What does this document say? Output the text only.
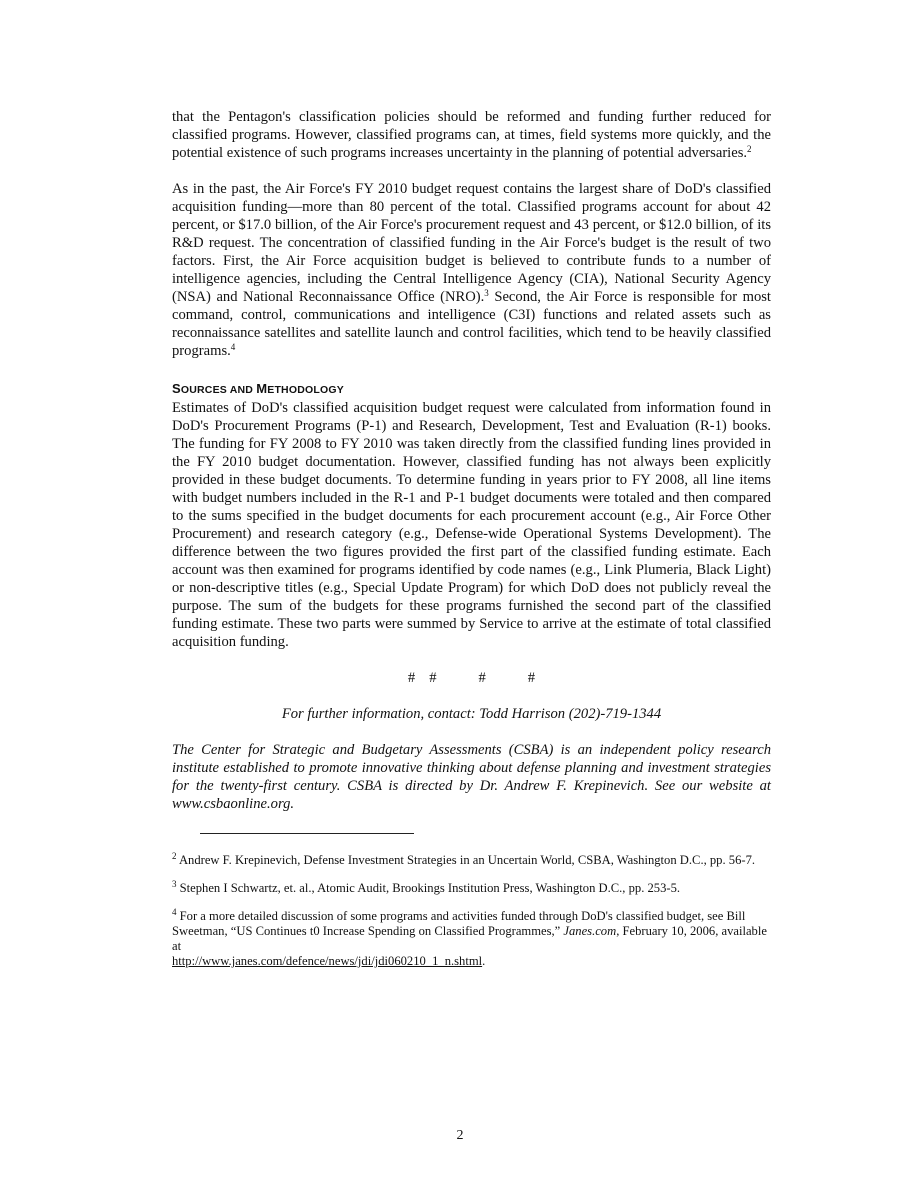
that the Pentagon's classification policies should be reformed and funding further reduced for classified programs. However, classified programs can, at times, field systems more quickly, and the potential existence of such programs increases uncertainty in the planning of potential adversaries.$^2$

As in the past, the Air Force's FY 2010 budget request contains the largest share of DoD's classified acquisition funding—more than 80 percent of the total. Classified programs account for about 42 percent, or $17.0 billion, of the Air Force's procurement request and 43 percent, or $12.0 billion, of its R&D request. The concentration of classified funding in the Air Force's budget is the result of two factors. First, the Air Force acquisition budget is believed to contribute funds to a number of intelligence agencies, including the Central Intelligence Agency (CIA), National Security Agency (NSA) and National Reconnaissance Office (NRO).$^3$ Second, the Air Force is responsible for most command, control, communications and intelligence (C3I) functions and related assets such as reconnaissance satellites and satellite launch and control facilities, which tend to be heavily classified programs.$^4$

SOURCES AND METHODOLOGY

Estimates of DoD's classified acquisition budget request were calculated from information found in DoD's Procurement Programs (P-1) and Research, Development, Test and Evaluation (R-1) books. The funding for FY 2008 to FY 2010 was taken directly from the classified funding lines provided in the FY 2010 budget documentation. However, classified funding has not always been explicitly provided in these budget documents. To determine funding in years prior to FY 2008, all line items with budget numbers included in the R-1 and P-1 budget documents were totaled and then compared to the sums specified in the budget documents for each procurement account (e.g., Air Force Other Procurement) and research category (e.g., Defense-wide Operational Systems Development). The difference between the two figures provided the first part of the classified funding estimate. Each account was then examined for programs identified by code names (e.g., Link Plumeria, Black Light) or non-descriptive titles (e.g., Special Update Program) for which DoD does not publicly reveal the purpose. The sum of the budgets for these programs furnished the second part of the classified funding estimate. These two parts were summed by Service to arrive at the estimate of total classified acquisition funding.

# #	#	#
For further information, contact: Todd Harrison (202)-719-1344

The Center for Strategic and Budgetary Assessments (CSBA) is an independent policy research institute established to promote innovative thinking about defense planning and investment strategies for the twenty-first century. CSBA is directed by Dr. Andrew F. Krepinevich. See our website at www.csbaonline.org.

$^2$ Andrew F. Krepinevich, Defense Investment Strategies in an Uncertain World, CSBA, Washington D.C., pp. 56-7.

$^3$ Stephen I Schwartz, et. al., Atomic Audit, Brookings Institution Press, Washington D.C., pp. 253-5.

$^4$ For a more detailed discussion of some programs and activities funded through DoD's classified budget, see Bill Sweetman, “US Continues t0 Increase Spending on Classified Programmes,” Janes.com, February 10, 2006, available at
http://www.janes.com/defence/news/jdi/jdi060210_1_n.shtml.

2
